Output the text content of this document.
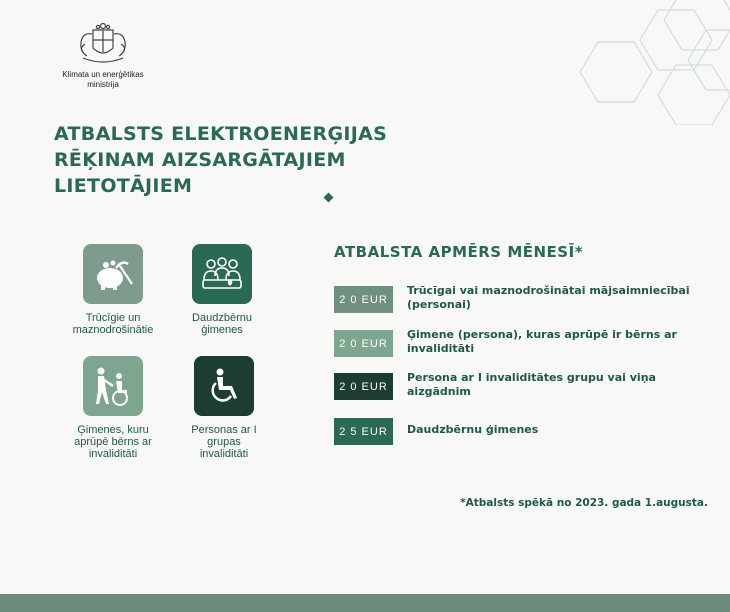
Klimata un enerģētikas
ministrija
ATBALSTS ELEKTROENERĢIJAS
RĒĶINAM AIZSARGĀTAJIEM
LIETOTĀJIEM
Trūcīgie un
maznodrošinātie
Daudzbērnu
ģimenes
Ģimenes, kuru
aprūpē bērns ar
invaliditāti
Personas ar I
grupas
invaliditāti
ATBALSTA APMĒRS MĒNESĪ*
2 0 EUR
Trūcīgai vai maznodrošinātai mājsaimniecībai (personai)
2 0 EUR
Ģimene (persona), kuras aprūpē ir bērns ar invaliditāti
2 0 EUR
Persona ar I invaliditātes grupu vai viņa aizgādnim
2 5 EUR	Daudzbērnu ģimenes
*Atbalsts spēkā no 2023. gada 1.augusta.
